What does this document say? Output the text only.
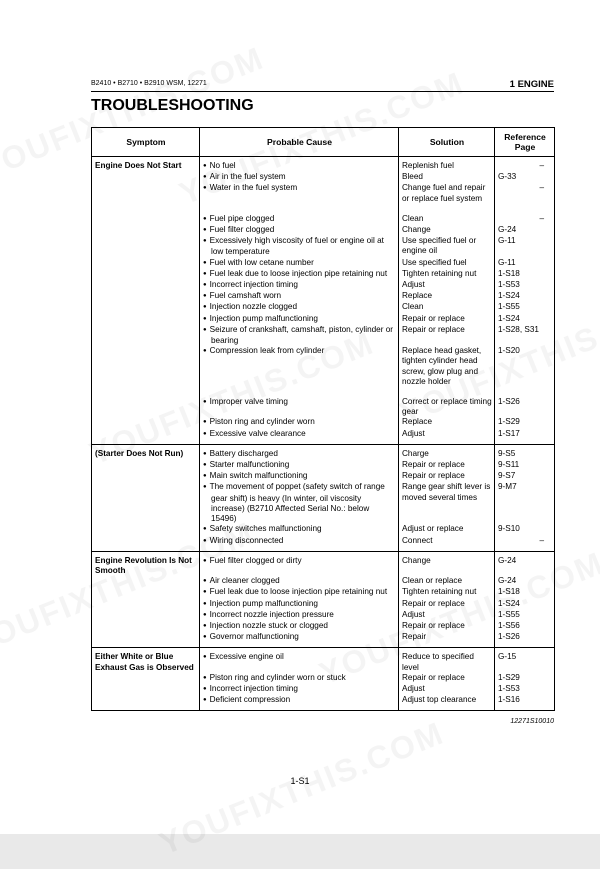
B2410 • B2710 • B2910 WSM, 12271	1 ENGINE
TROUBLESHOOTING
Symptom	Probable Cause	Solution	Reference Page
Engine Does Not Start	● No fuel	Replenish fuel	–

	● Air in the fuel system	Bleed	G-33
	● Water in the fuel system	Change fuel and repair or replace fuel system	–

	● Fuel pipe clogged	Clean	–

	● Fuel filter clogged	Change	G-24
	● Excessively high viscosity of fuel or engine oil at low temperature	Use specified fuel or engine oil	G-11
	● Fuel with low cetane number	Use specified fuel	G-11
	● Fuel leak due to loose injection pipe retaining nut	Tighten retaining nut	1-S18
	● Incorrect injection timing	Adjust	1-S53
	● Fuel camshaft worn	Replace	1-S24
	● Injection nozzle clogged	Clean	1-S55
	● Injection pump malfunctioning	Repair or replace	1-S24
	● Seizure of crankshaft, camshaft, piston, cylinder or bearing	Repair or replace	1-S28, S31
	● Compression leak from cylinder	Replace head gasket, tighten cylinder head screw, glow plug and nozzle holder	1-S20
	● Improper valve timing	Correct or replace timing gear	1-S26
	● Piston ring and cylinder worn	Replace	1-S29
	● Excessive valve clearance	Adjust	1-S17
(Starter Does Not Run)	● Battery discharged	Charge	9-S5
	● Starter malfunctioning	Repair or replace	9-S11
	● Main switch malfunctioning	Repair or replace	9-S7
	● The movement of poppet (safety switch of range gear shift) is heavy (In winter, oil viscosity increase) (B2710 Affected Serial No.: below 15496)	Range gear shift lever is moved several times	9-M7
	● Safety switches malfunctioning	Adjust or replace	9-S10
	● Wiring disconnected	Connect	–

Engine Revolution Is Not Smooth	● Fuel filter clogged or dirty	Change	G-24
	● Air cleaner clogged	Clean or replace	G-24
	● Fuel leak due to loose injection pipe retaining nut	Tighten retaining nut	1-S18
	● Injection pump malfunctioning	Repair or replace	1-S24
	● Incorrect nozzle injection pressure	Adjust	1-S55
	● Injection nozzle stuck or clogged	Repair or replace	1-S56
	● Governor malfunctioning	Repair	1-S26
Either White or Blue Exhaust Gas is Observed	● Excessive engine oil	Reduce to specified level	G-15
	● Piston ring and cylinder worn or stuck	Repair or replace	1-S29
	● Incorrect injection timing	Adjust	1-S53
	● Deficient compression	Adjust top clearance	1-S16
12271S10010
1-S1
